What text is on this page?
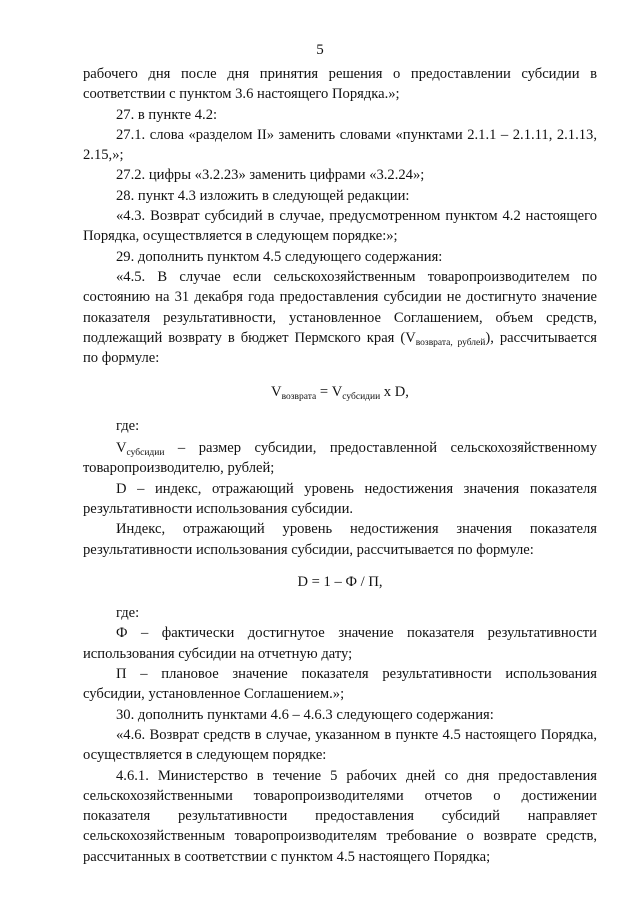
5

рабочего дня после дня принятия решения о предоставлении субсидии в соответствии с пунктом 3.6 настоящего Порядка.»;

27. в пункте 4.2:

27.1. слова «разделом II» заменить словами «пунктами 2.1.1 – 2.1.11, 2.1.13, 2.15,»;

27.2. цифры «3.2.23» заменить цифрами «3.2.24»;

28. пункт 4.3 изложить в следующей редакции:

«4.3. Возврат субсидий в случае, предусмотренном пунктом 4.2 настоящего Порядка, осуществляется в следующем порядке:»;

29. дополнить пунктом 4.5 следующего содержания:

«4.5. В случае если сельскохозяйственным товаропроизводителем по состоянию на 31 декабря года предоставления субсидии не достигнуто значение показателя результативности, установленное Соглашением, объем средств, подлежащий возврату в бюджет Пермского края $(V_{возврата, рублей})$, рассчитывается по формуле:

$V_{возврата} = V_{субсидии}$ x D,

где:

$V_{субсидии}$ – размер субсидии, предоставленной сельскохозяйственному товаропроизводителю, рублей;

D – индекс, отражающий уровень недостижения значения показателя результативности использования субсидии.

Индекс, отражающий уровень недостижения значения показателя результативности использования субсидии, рассчитывается по формуле:

D = 1 – Ф / П,

где:

Ф – фактически достигнутое значение показателя результативности использования субсидии на отчетную дату;

П – плановое значение показателя результативности использования субсидии, установленное Соглашением.»;

30. дополнить пунктами 4.6 – 4.6.3 следующего содержания:

«4.6. Возврат средств в случае, указанном в пункте 4.5 настоящего Порядка, осуществляется в следующем порядке:

4.6.1. Министерство в течение 5 рабочих дней со дня предоставления сельскохозяйственными товаропроизводителями отчетов о достижении показателя результативности предоставления субсидий направляет сельскохозяйственным товаропроизводителям требование о возврате средств, рассчитанных в соответствии с пунктом 4.5 настоящего Порядка;
